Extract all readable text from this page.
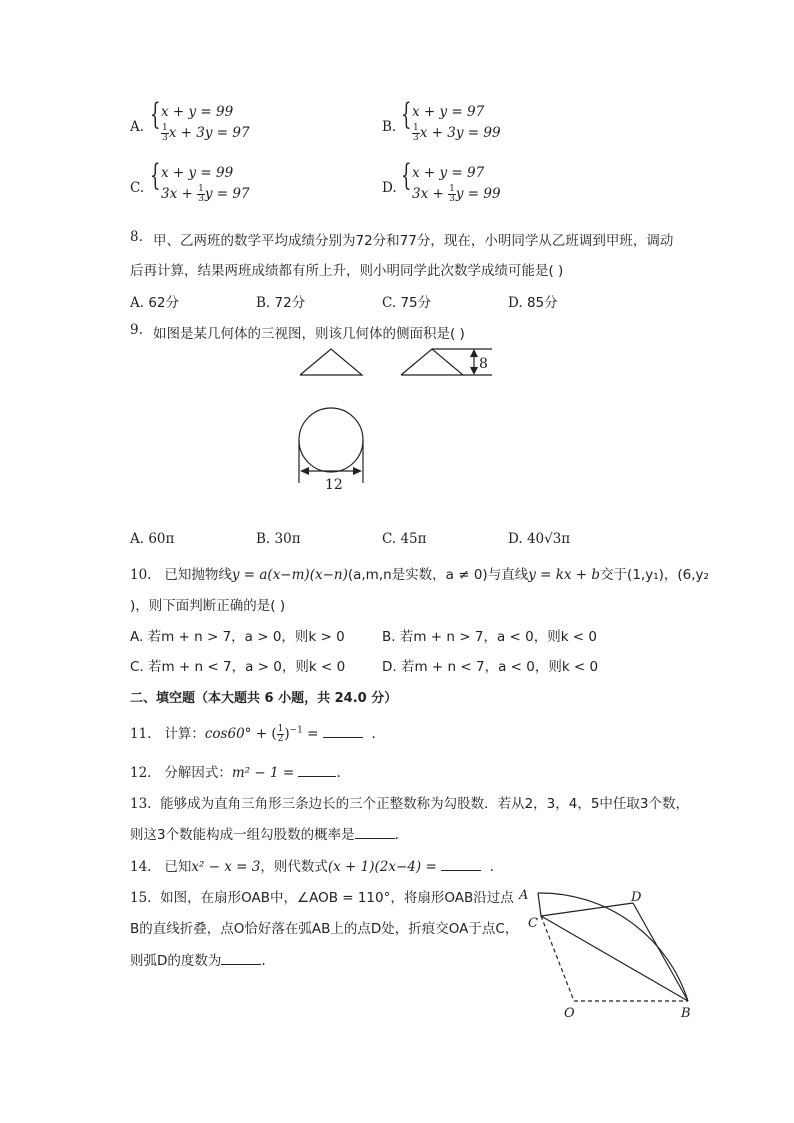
A. { x + y = 99
$\frac{1}{3}$ x + 3y = 97	B. { x + y = 97
$\frac{1}{3}$ x + 3y = 99
C. { x + y = 99
$3x + \frac{1}{3}$ y = 97	D. { x + y = 97
$3x + \frac{1}{3}$ y = 99
8. 甲、乙两班的数学平均成绩分别为72分和77分，现在，小明同学从乙班调到甲班，调动
后再计算，结果两班成绩都有所上升，则小明同学此次数学成绩可能是( )
A. 62分	B. 72分	C. 75分	D. 85分
9. 如图是某几何体的三视图，则该几何体的侧面积是( )
8
12
A. 60π	B. 30π	C. 45π	D. 40√3π
10. 已知抛物线y = a(x−m)(x−n)(a,m,n是实数，a ≠ 0)与直线y = kx + b交于(1,y₁)，(6,y₂
)，则下面判断正确的是( )
A. 若m + n > 7，a > 0，则k > 0	B. 若m + n > 7，a < 0，则k < 0
C. 若m + n < 7，a > 0，则k < 0	D. 若m + n < 7，a < 0，则k < 0
二、填空题（本大题共 6 小题，共 24.0 分）
11. 计算：cos60° + ( $\frac{1}{2} )^{-1}$ =	.
12. 分解因式：m² − 1 =	.
13. 能够成为直角三角形三条边长的三个正整数称为勾股数．若从2，3，4，5中任取3个数，
则这3个数能构成一组勾股数的概率是	.
14. 已知x² − x = 3，则代数式(x + 1)(2x−4) =	.
15. 如图，在扇形OAB中，∠AOB = 110°，将扇形OAB沿过点
B的直线折叠，点O恰好落在弧AB上的点D处，折痕交OA于点C，
则弧D的度数为	.
A
C
D
O	B
